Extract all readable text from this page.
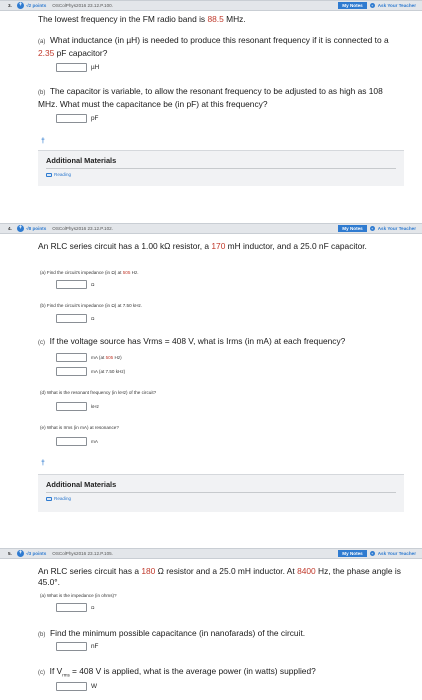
3. + -/2 points OSColPhys2016 23.12.P.100.	My Notes	+ Ask Your Teacher
The lowest frequency in the FM radio band is 88.5 MHz.
(a) What inductance (in µH) is needed to produce this resonant frequency if it is connected to a 2.35 pF capacitor?
µH
(b) The capacitor is variable, to allow the resonant frequency to be adjusted to as high as 108 MHz. What must the capacitance be (in pF) at this frequency?
pF
†
Additional Materials
Reading
4. + -/8 points OSColPhys2016 23.12.P.102.	My Notes	+ Ask Your Teacher
An RLC series circuit has a 1.00 kΩ resistor, a 170 mH inductor, and a 25.0 nF capacitor.
(a) Find the circuit's impedance (in Ω) at 505 Hz.
Ω
(b) Find the circuit's impedance (in Ω) at 7.50 kHz.
Ω
(c) If the voltage source has Vrms = 408 V, what is Irms (in mA) at each frequency?
mA (at 505 Hz)
mA (at 7.50 kHz)
(d) What is the resonant frequency (in kHz) of the circuit?
kHz
(e) What is Irms (in mA) at resonance?
mA
†
Additional Materials
Reading
5. + -/3 points OSColPhys2016 23.12.P.105.	My Notes	+ Ask Your Teacher
An RLC series circuit has a 180 Ω resistor and a 25.0 mH inductor. At 8400 Hz, the phase angle is 45.0°.
(a) What is the impedance (in ohms)?
Ω
(b) Find the minimum possible capacitance (in nanofarads) of the circuit.
nF
(c) If $V_{rms} = 408$ V is applied, what is the average power (in watts) supplied?
W
